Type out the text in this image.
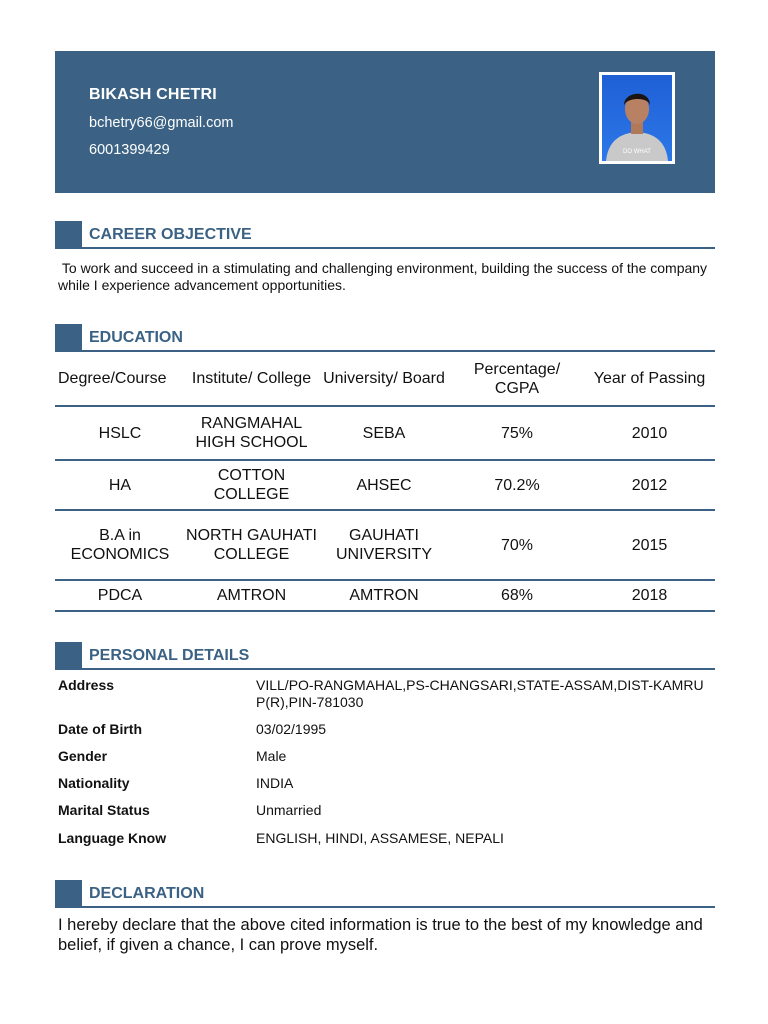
BIKASH CHETRI
bchetry66@gmail.com
6001399429	DO WHAT
CAREER OBJECTIVE
To work and succeed in a stimulating and challenging environment, building the success of the company while I experience advancement opportunities.
EDUCATION
Degree/Course	Institute/ College	University/ Board	Percentage/ CGPA	Year of Passing
HSLC	RANGMAHAL HIGH SCHOOL	SEBA	75%	2010
HA	COTTON COLLEGE	AHSEC	70.2%	2012
B.A in ECONOMICS	NORTH GAUHATI COLLEGE	GAUHATI UNIVERSITY	70%	2015
PDCA	AMTRON	AMTRON	68%	2018
PERSONAL DETAILS
Address	VILL/PO-RANGMAHAL,PS-CHANGSARI,STATE-ASSAM,DIST-KAMRUP(R),PIN-781030
Date of Birth	03/02/1995
Gender	Male
Nationality	INDIA
Marital Status	Unmarried
Language Know	ENGLISH, HINDI, ASSAMESE, NEPALI
DECLARATION
I hereby declare that the above cited information is true to the best of my knowledge and belief, if given a chance, I can prove myself.
